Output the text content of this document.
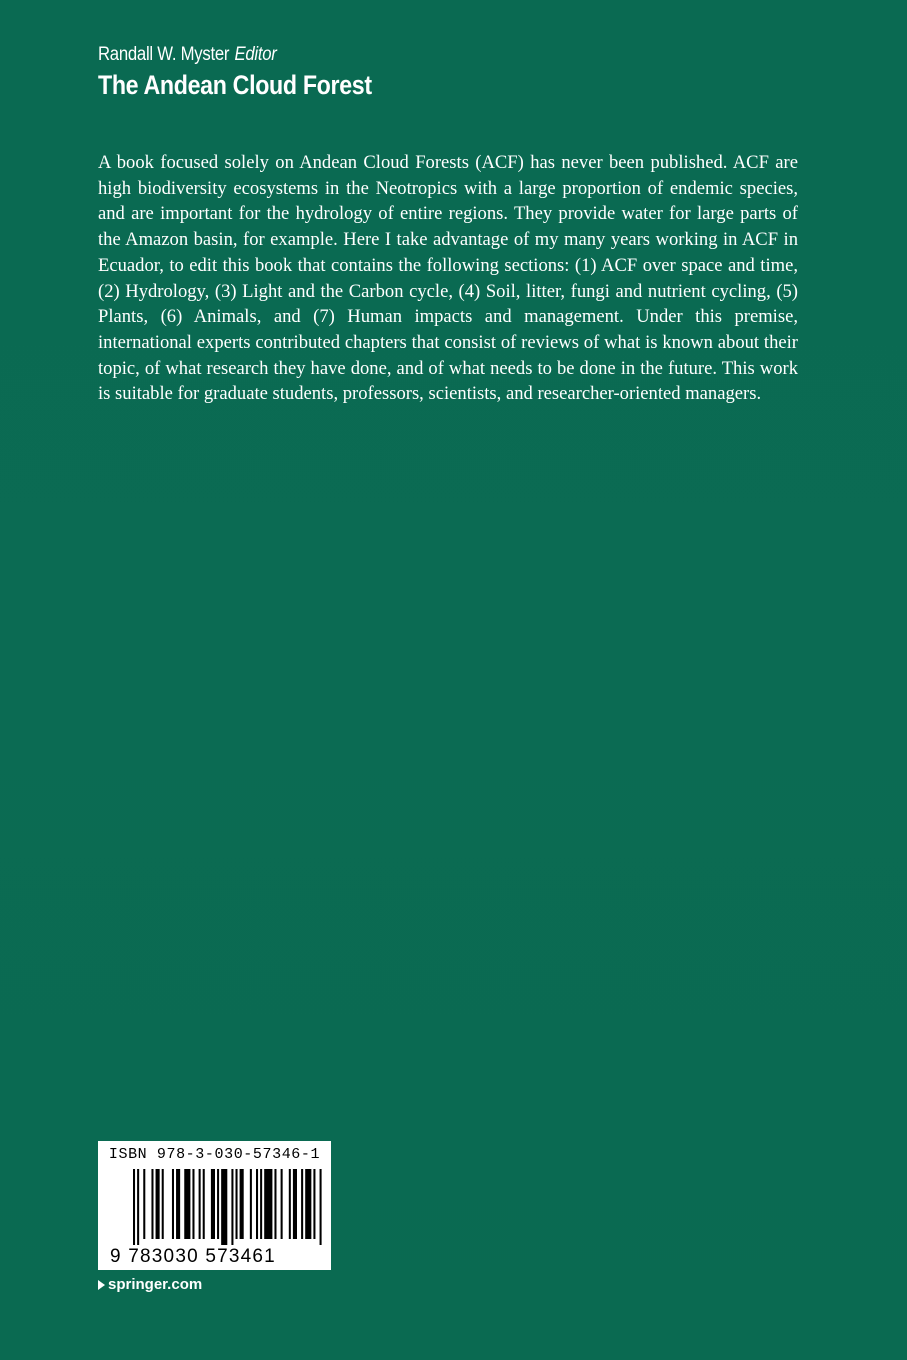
Randall W. Myster Editor
The Andean Cloud Forest

A book focused solely on Andean Cloud Forests (ACF) has never been published. ACF are high biodiversity ecosystems in the Neotropics with a large proportion of endemic species, and are important for the hydrology of entire regions. They provide water for large parts of the Amazon basin, for example. Here I take advantage of my many years working in ACF in Ecuador, to edit this book that contains the following sections: (1) ACF over space and time, (2) Hydrology, (3) Light and the Carbon cycle, (4) Soil, litter, fungi and nutrient cycling, (5) Plants, (6) Animals, and (7) Human impacts and management. Under this premise, international experts contributed chapters that consist of reviews of what is known about their topic, of what research they have done, and of what needs to be done in the future. This work is suitable for graduate students, professors, scientists, and researcher-oriented managers.

ISBN 978-3-030-57346-1
9 783030 573461
springer.com
